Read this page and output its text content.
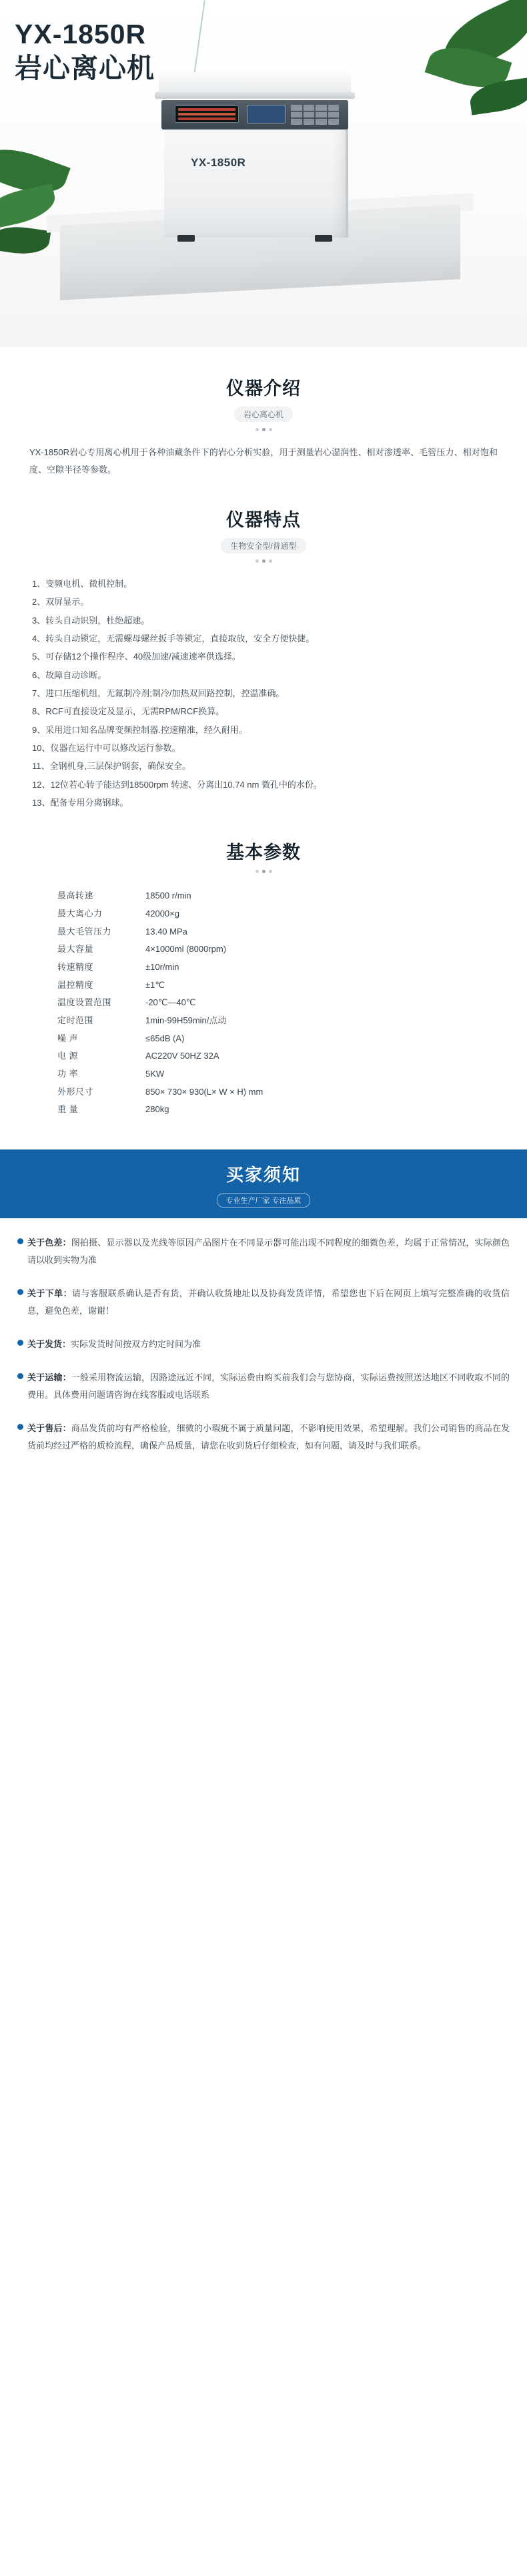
YX-1850R
岩心离心机
YX-1850R
仪器介绍
岩心离心机
YX-1850R岩心专用离心机用于各种油藏条件下的岩心分析实验，用于测量岩心湿润性、相对渗透率、毛管压力、相对饱和度、空隙半径等参数。
仪器特点
生物安全型/普通型
1、变频电机、微机控制。
2、双屏显示。
3、转头自动识别，杜绝超速。
4、转头自动锁定，无需螺母螺丝扳手等锁定，直接取放，安全方便快捷。
5、可存储12个操作程序、40级加速/减速速率供选择。
6、故障自动诊断。
7、进口压缩机组，无氟制冷剂;制冷/加热双回路控制，控温准确。
8、RCF可直接设定及显示，无需RPM/RCF换算。
9、采用进口知名品牌变频控制器.控速精准，经久耐用。
10、仪器在运行中可以修改运行参数。
11、全钢机身,三层保护钢套，确保安全。
12、12位若心转子能达到18500rpm 转速、分离出10.74 nm 微孔中的水份。
13、配备专用分离钢球。
基本参数
最高转速	18500 r/min
最大离心力	42000×g
最大毛管压力	13.40 MPa
最大容量	4×1000ml (8000rpm)
转速精度	±10r/min
温控精度	±1℃
温度设置范围	-20℃—40℃
定时范围	1min-99H59min/点动
噪 声	≤65dB (A)
电 源	AC220V 50HZ 32A
功 率	5KW
外形尺寸	850× 730× 930(L× W × H) mm
重 量	280kg
买家须知
专业生产厂家 专注品质
关于色差：图拍摄、显示器以及光线等原因产品图片在不同显示器可能出现不同程度的细微色差，均属于正常情况，实际颜色请以收到实物为准
关于下单：请与客服联系确认是否有货，并确认收货地址以及协商发货详情，希望您也下后在网页上填写完整准确的收货信息，避免色差，谢谢！
关于发货：实际发货时间按双方约定时间为准
关于运输：一般采用物流运输，因路途远近不同，实际运费由购买前我们会与您协商，实际运费按照送达地区不同收取不同的费用。具体费用问题请咨询在线客服或电话联系
关于售后：商品发货前均有严格检验，细微的小瑕疵不属于质量问题，不影响使用效果，希望理解。我们公司销售的商品在发货前均经过严格的质检流程，确保产品质量，请您在收到货后仔细检查，如有问题，请及时与我们联系。
